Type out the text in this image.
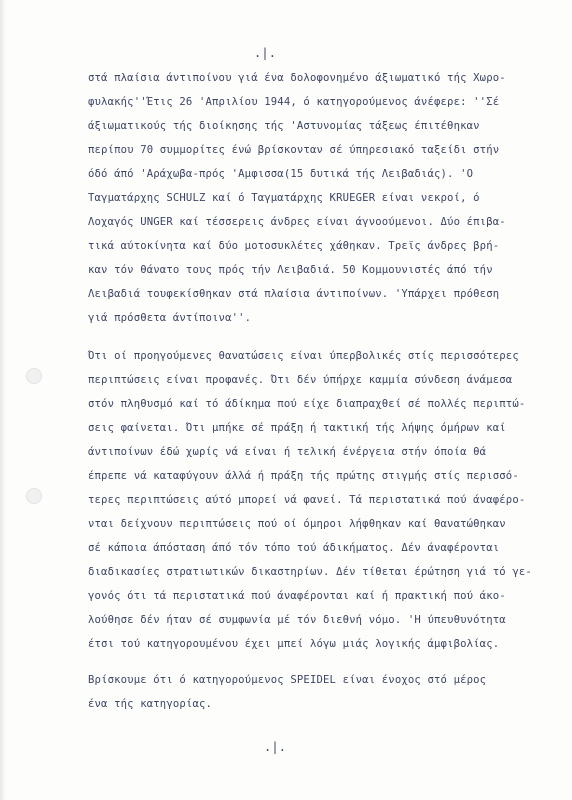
.|.
στά πλαίσια άντιποίνου γιά ένα δολοφονημένο άξιωματικό τής Χωρο-
φυλακής''Έτις 26 'Απριλίου 1944, ό κατηγορούμενος άνέφερε: ''Σέ
άξιωματικούς τής διοίκησης τής 'Αστυνομίας τάξεως έπιτέθηκαν
περίπου 70 συμμορίτες ένώ βρίσκονταν σέ ύπηρεσιακό ταξείδι στήν
όδό άπό 'Αράχωβα-πρός 'Αμφισσα(15 δυτικά τής Λειβαδιάς). 'Ο
Ταγματάρχης SCHULZ καί ό Ταγματάρχης KRUEGER είναι νεκροί, ό
Λοχαγός UNGER καί τέσσερεις άνδρες είναι άγνοούμενοι. Δύο έπιβα-
τικά αύτοκίνητα καί δύο μοτοσυκλέτες χάθηκαν. Τρεϊς άνδρες βρή-
καν τόν θάνατο τους πρός τήν Λειβαδιά. 50 Κομμουνιστές άπό τήν
Λειβαδιά τουφεκίσθηκαν στά πλαίσια άντιποίνων. 'Υπάρχει πρόθεση
γιά πρόσθετα άντίποινα''.
Ότι οί προηγούμενες θανατώσεις είναι ύπερβολικές στίς περισσότερες
περιπτώσεις είναι προφανές. Ότι δέν ύπήρχε καμμία σύνδεση άνάμεσα
στόν πληθυσμό καί τό άδίκημα πού είχε διαπραχθεί σέ πολλές περιπτώ-
σεις φαίνεται. Ότι μπήκε σέ πράξη ή τακτική τής λήψης όμήρων καί
άντιποίνων έδώ χωρίς νά είναι ή τελική ένέργεια στήν όποία θά
έπρεπε νά καταφύγουν άλλά ή πράξη τής πρώτης στιγμής στίς περισσό-
τερες περιπτώσεις αύτό μπορεί νά φανεί. Τά περιστατικά πού άναφέρο-
νται δείχνουν περιπτώσεις πού οί όμηροι λήφθηκαν καί θανατώθηκαν
σέ κάποια άπόσταση άπό τόν τόπο τού άδικήματος. Δέν άναφέρονται
διαδικασίες στρατιωτικών δικαστηρίων. Δέν τίθεται έρώτηση γιά τό γε-
γονός ότι τά περιστατικά πού άναφέρονται καί ή πρακτική πού άκο-
λούθησε δέν ήταν σέ συμφωνία μέ τόν διεθνή νόμο. 'Η ύπευθυνότητα
έτσι τού κατηγορουμένου έχει μπεί λόγω μιάς λογικής άμφιβολίας.
Βρίσκουμε ότι ό κατηγορούμενος SPEIDEL είναι ένοχος στό μέρος
ένα τής κατηγορίας.
.|.
